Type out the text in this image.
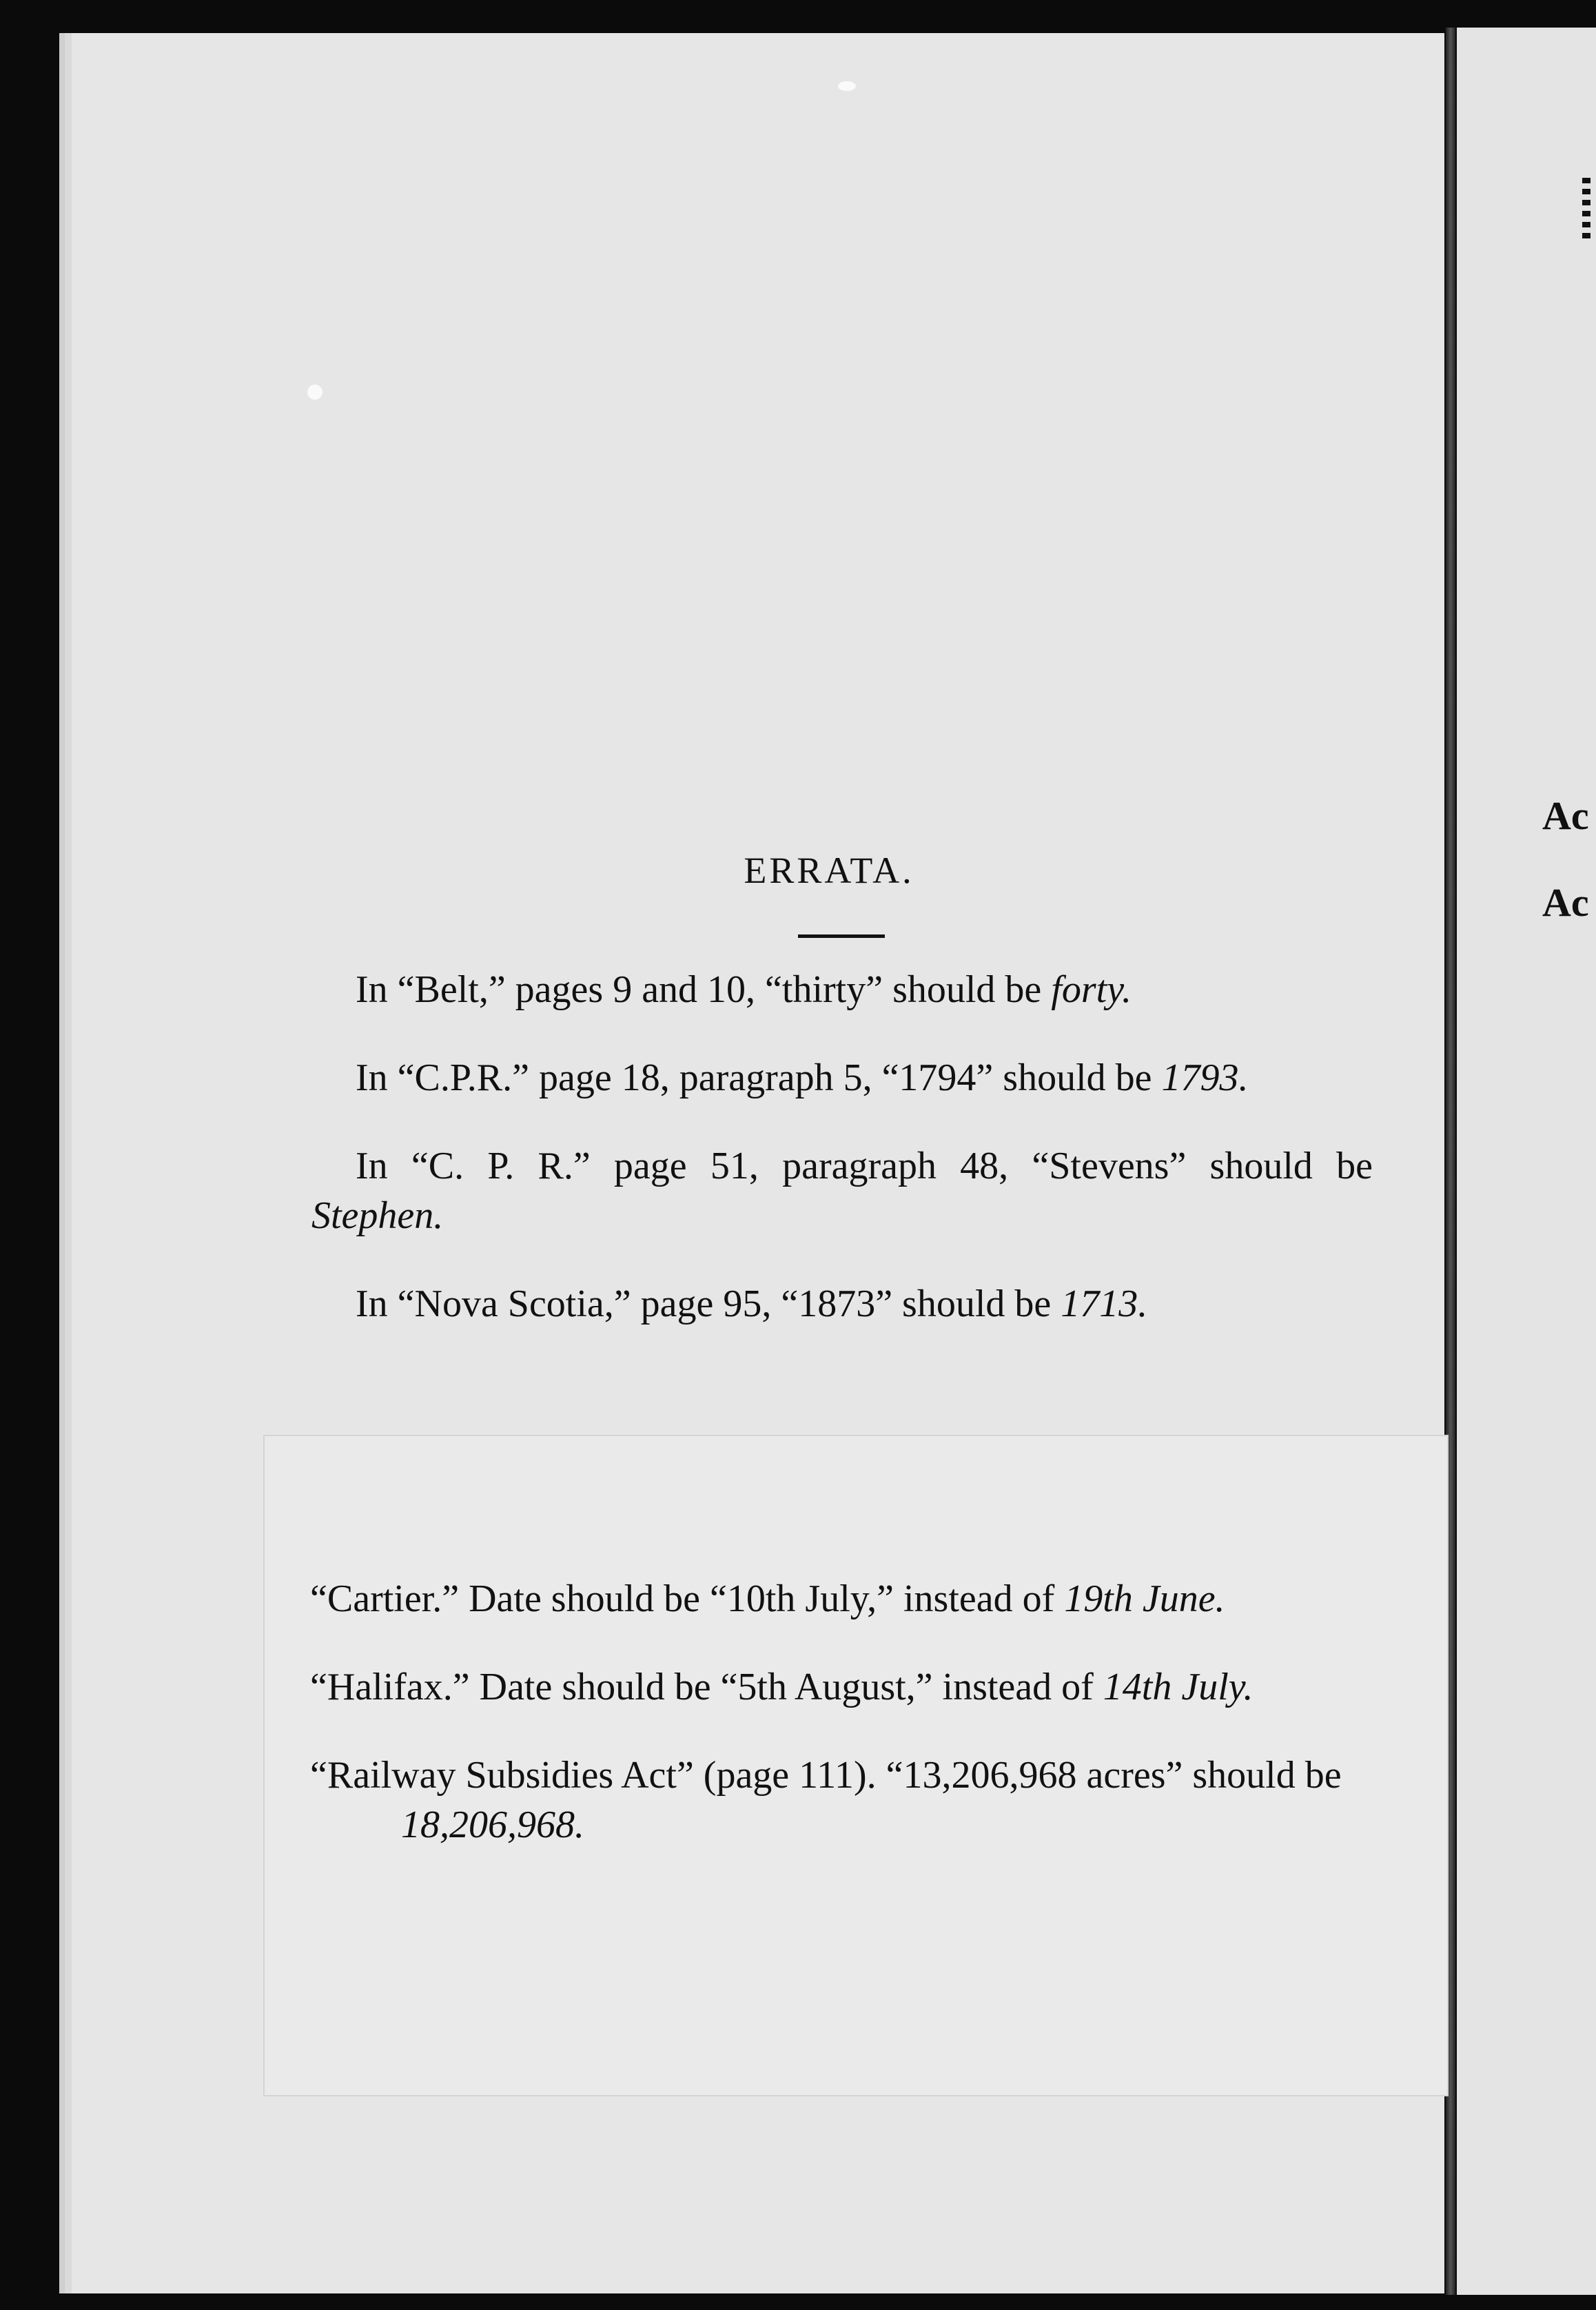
Ac
Ac
ERRATA.

In “Belt,” pages 9 and 10, “thirty” should be forty.

In “C.P.R.” page 18, paragraph 5, “1794” should be 1793.

In “C. P. R.” page 51, paragraph 48, “Stevens” should be Stephen.

In “Nova Scotia,” page 95, “1873” should be 1713.

“Cartier.” Date should be “10th July,” instead of 19th June.

“Halifax.” Date should be “5th August,” instead of 14th July.

“Railway Subsidies Act” (page 111). “13,206,968 acres” should be 18,206,968.
